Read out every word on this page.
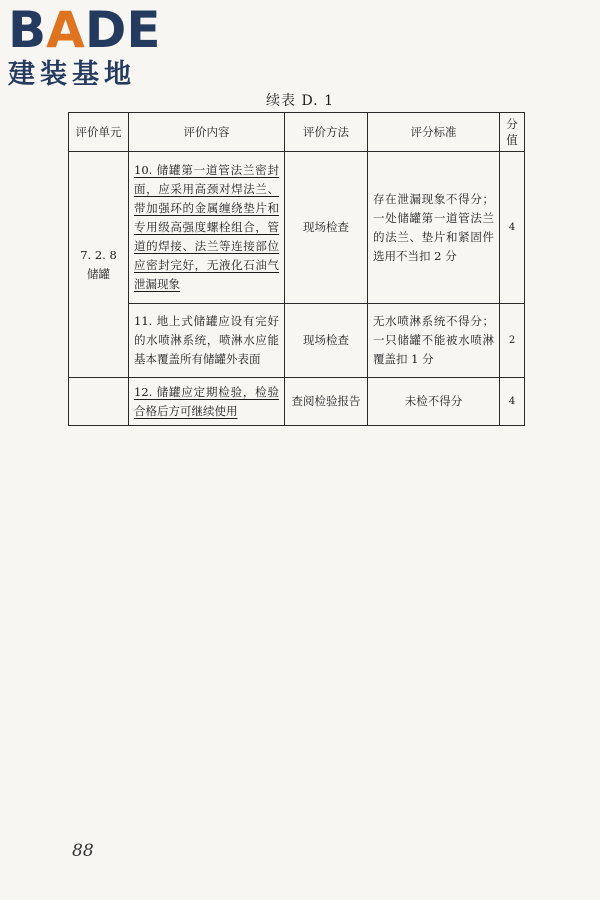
BADE
建装基地
续表 D. 1
评价单元	评价内容	评价方法	评分标准	分值
7. 2. 8 储罐	10. 储罐第一道管法兰密封面，应采用高颈对焊法兰、带加强环的金属缠绕垫片和专用级高强度螺栓组合，管道的焊接、法兰等连接部位应密封完好，无液化石油气泄漏现象	现场检查	存在泄漏现象不得分；一处储罐第一道管法兰的法兰、垫片和紧固件选用不当扣 2 分	4
	11. 地上式储罐应设有完好的水喷淋系统，喷淋水应能基本覆盖所有储罐外表面	现场检查	无水喷淋系统不得分；一只储罐不能被水喷淋覆盖扣 1 分	2
	12. 储罐应定期检验，检验合格后方可继续使用	查阅检验报告	未检不得分	4
88
